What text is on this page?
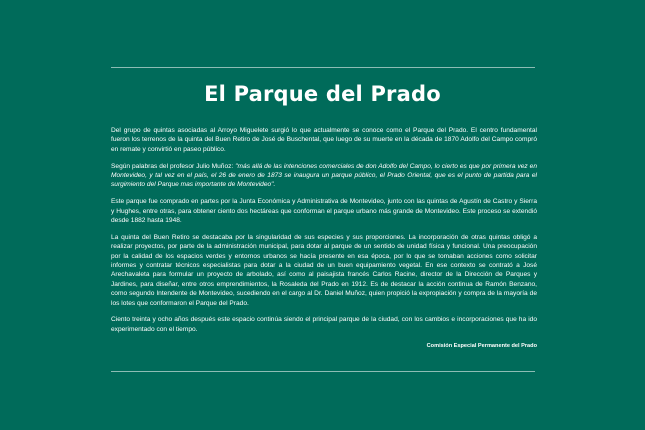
El Parque del Prado

Del grupo de quintas asociadas al Arroyo Miguelete surgió lo que actualmente se conoce como el Parque del Prado. El centro fundamental fueron los terrenos de la quinta del Buen Retiro de José de Buschental, que luego de su muerte en la década de 1870 Adolfo del Campo compró en remate y convirtió en paseo público.

Según palabras del profesor Julio Muñoz: "más allá de las intenciones comerciales de don Adolfo del Campo, lo cierto es que por primera vez en Montevideo, y tal vez en el país, el 26 de enero de 1873 se inaugura un parque público, el Prado Oriental, que es el punto de partida para el surgimiento del Parque mas importante de Montevideo".

Este parque fue comprado en partes por la Junta Económica y Administrativa de Montevideo, junto con las quintas de Agustín de Castro y Sierra y Hughes, entre otras, para obtener ciento dos hectáreas que conforman el parque urbano más grande de Montevideo. Este proceso se extendió desde 1882 hasta 1948.

La quinta del Buen Retiro se destacaba por la singularidad de sus especies y sus proporciones. La incorporación de otras quintas obligó a realizar proyectos, por parte de la administración municipal, para dotar al parque de un sentido de unidad física y funcional. Una preocupación por la calidad de los espacios verdes y entornos urbanos se hacía presente en esa época, por lo que se tomaban acciones como solicitar informes y contratar técnicos especialistas para dotar a la ciudad de un buen equipamiento vegetal. En ese contexto se contrató a José Arechavaleta para formular un proyecto de arbolado, así como al paisajista francés Carlos Racine, director de la Dirección de Parques y Jardines, para diseñar, entre otros emprendimientos, la Rosaleda del Prado en 1912. Es de destacar la acción continua de Ramón Benzano, como segundo Intendente de Montevideo, sucediendo en el cargo al Dr. Daniel Muñoz, quien propició la expropiación y compra de la mayoría de los lotes que conformaron el Parque del Prado.

Ciento treinta y ocho años después este espacio continúa siendo el principal parque de la ciudad, con los cambios e incorporaciones que ha ido experimentado con el tiempo.

Comisión Especial Permanente del Prado
